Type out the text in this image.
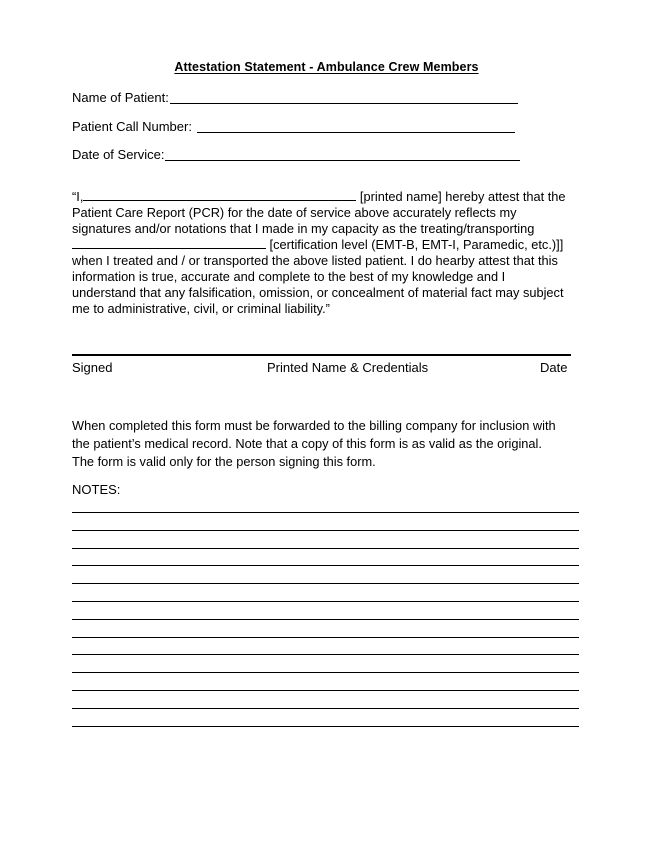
Attestation Statement - Ambulance Crew Members
Name of Patient:
Patient Call Number:
Date of Service:
“I,	[printed name] hereby attest that the
Patient Care Report (PCR) for the date of service above accurately reflects my
signatures and/or notations that I made in my capacity as the treating/transporting
[certification level (EMT-B, EMT-I, Paramedic, etc.)]]
when I treated and / or transported the above listed patient. I do hearby attest that this
information is true, accurate and complete to the best of my knowledge and I
understand that any falsification, omission, or concealment of material fact may subject
me to administrative, civil, or criminal liability.”
Signed	Printed Name & Credentials	Date
When completed this form must be forwarded to the billing company for inclusion with
the patient’s medical record. Note that a copy of this form is as valid as the original.
The form is valid only for the person signing this form.
NOTES:
